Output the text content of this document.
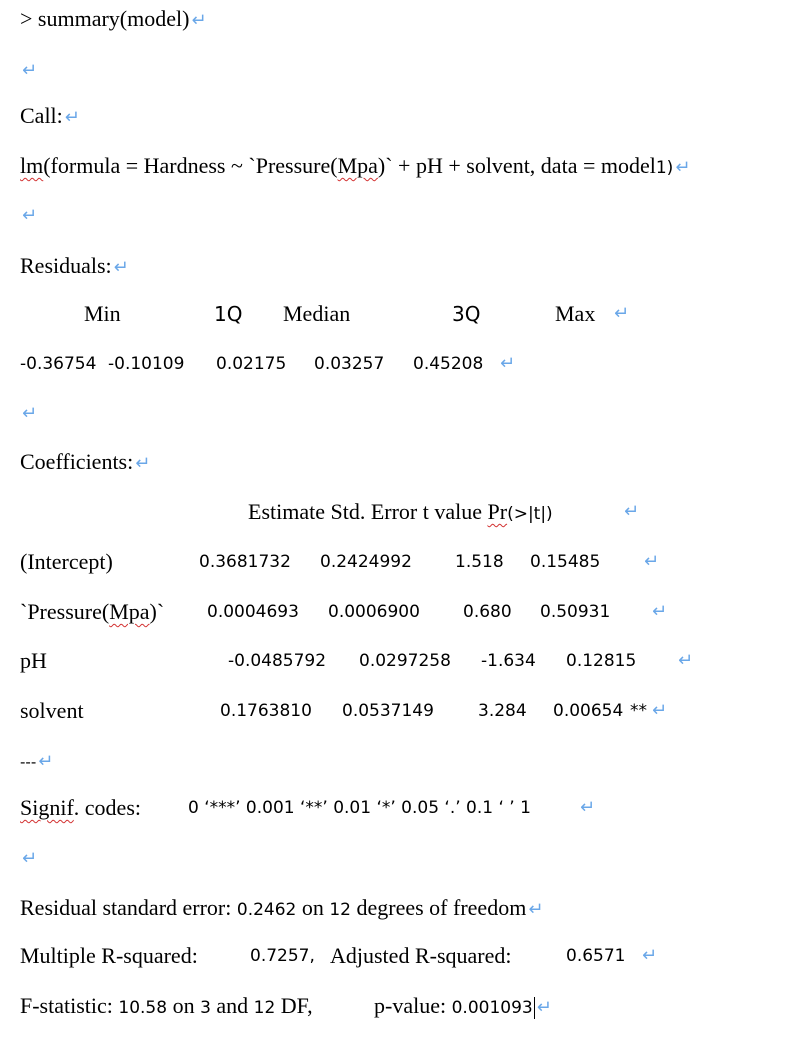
> summary(model) ↵
↵
Call: ↵
lm(formula = Hardness ~ `Pressure(Mpa)` + pH + solvent, data = model1) ↵
↵
Residuals: ↵
Min	1Q Median	3Q	Max ↵
-0.36754 -0.10109 0.02175 0.03257 0.45208 ↵
↵
Coefficients: ↵
Estimate Std. Error t value Pr(>|t|)	↵
(Intercept)	0.3681732 0.2424992	1.518 0.15485 ↵
`Pressure(Mpa)`	0.0004693 0.0006900	0.680 0.50931 ↵
pH	-0.0485792 0.0297258 -1.634 0.12815 ↵
solvent	0.1763810 0.0537149	3.284 0.00654 ** ↵
--- ↵
Signif. codes:	0 ‘***’ 0.001 ‘**’ 0.01 ‘*’ 0.05 ‘.’ 0.1 ‘ ’ 1	↵
↵
Residual standard error: 0.2462 on 12 degrees of freedom ↵
Multiple R-squared:	0.7257, Adjusted R-squared:	0.6571 ↵
F-statistic: 10.58 on 3 and 12 DF,	p-value: 0.001093 ↵
